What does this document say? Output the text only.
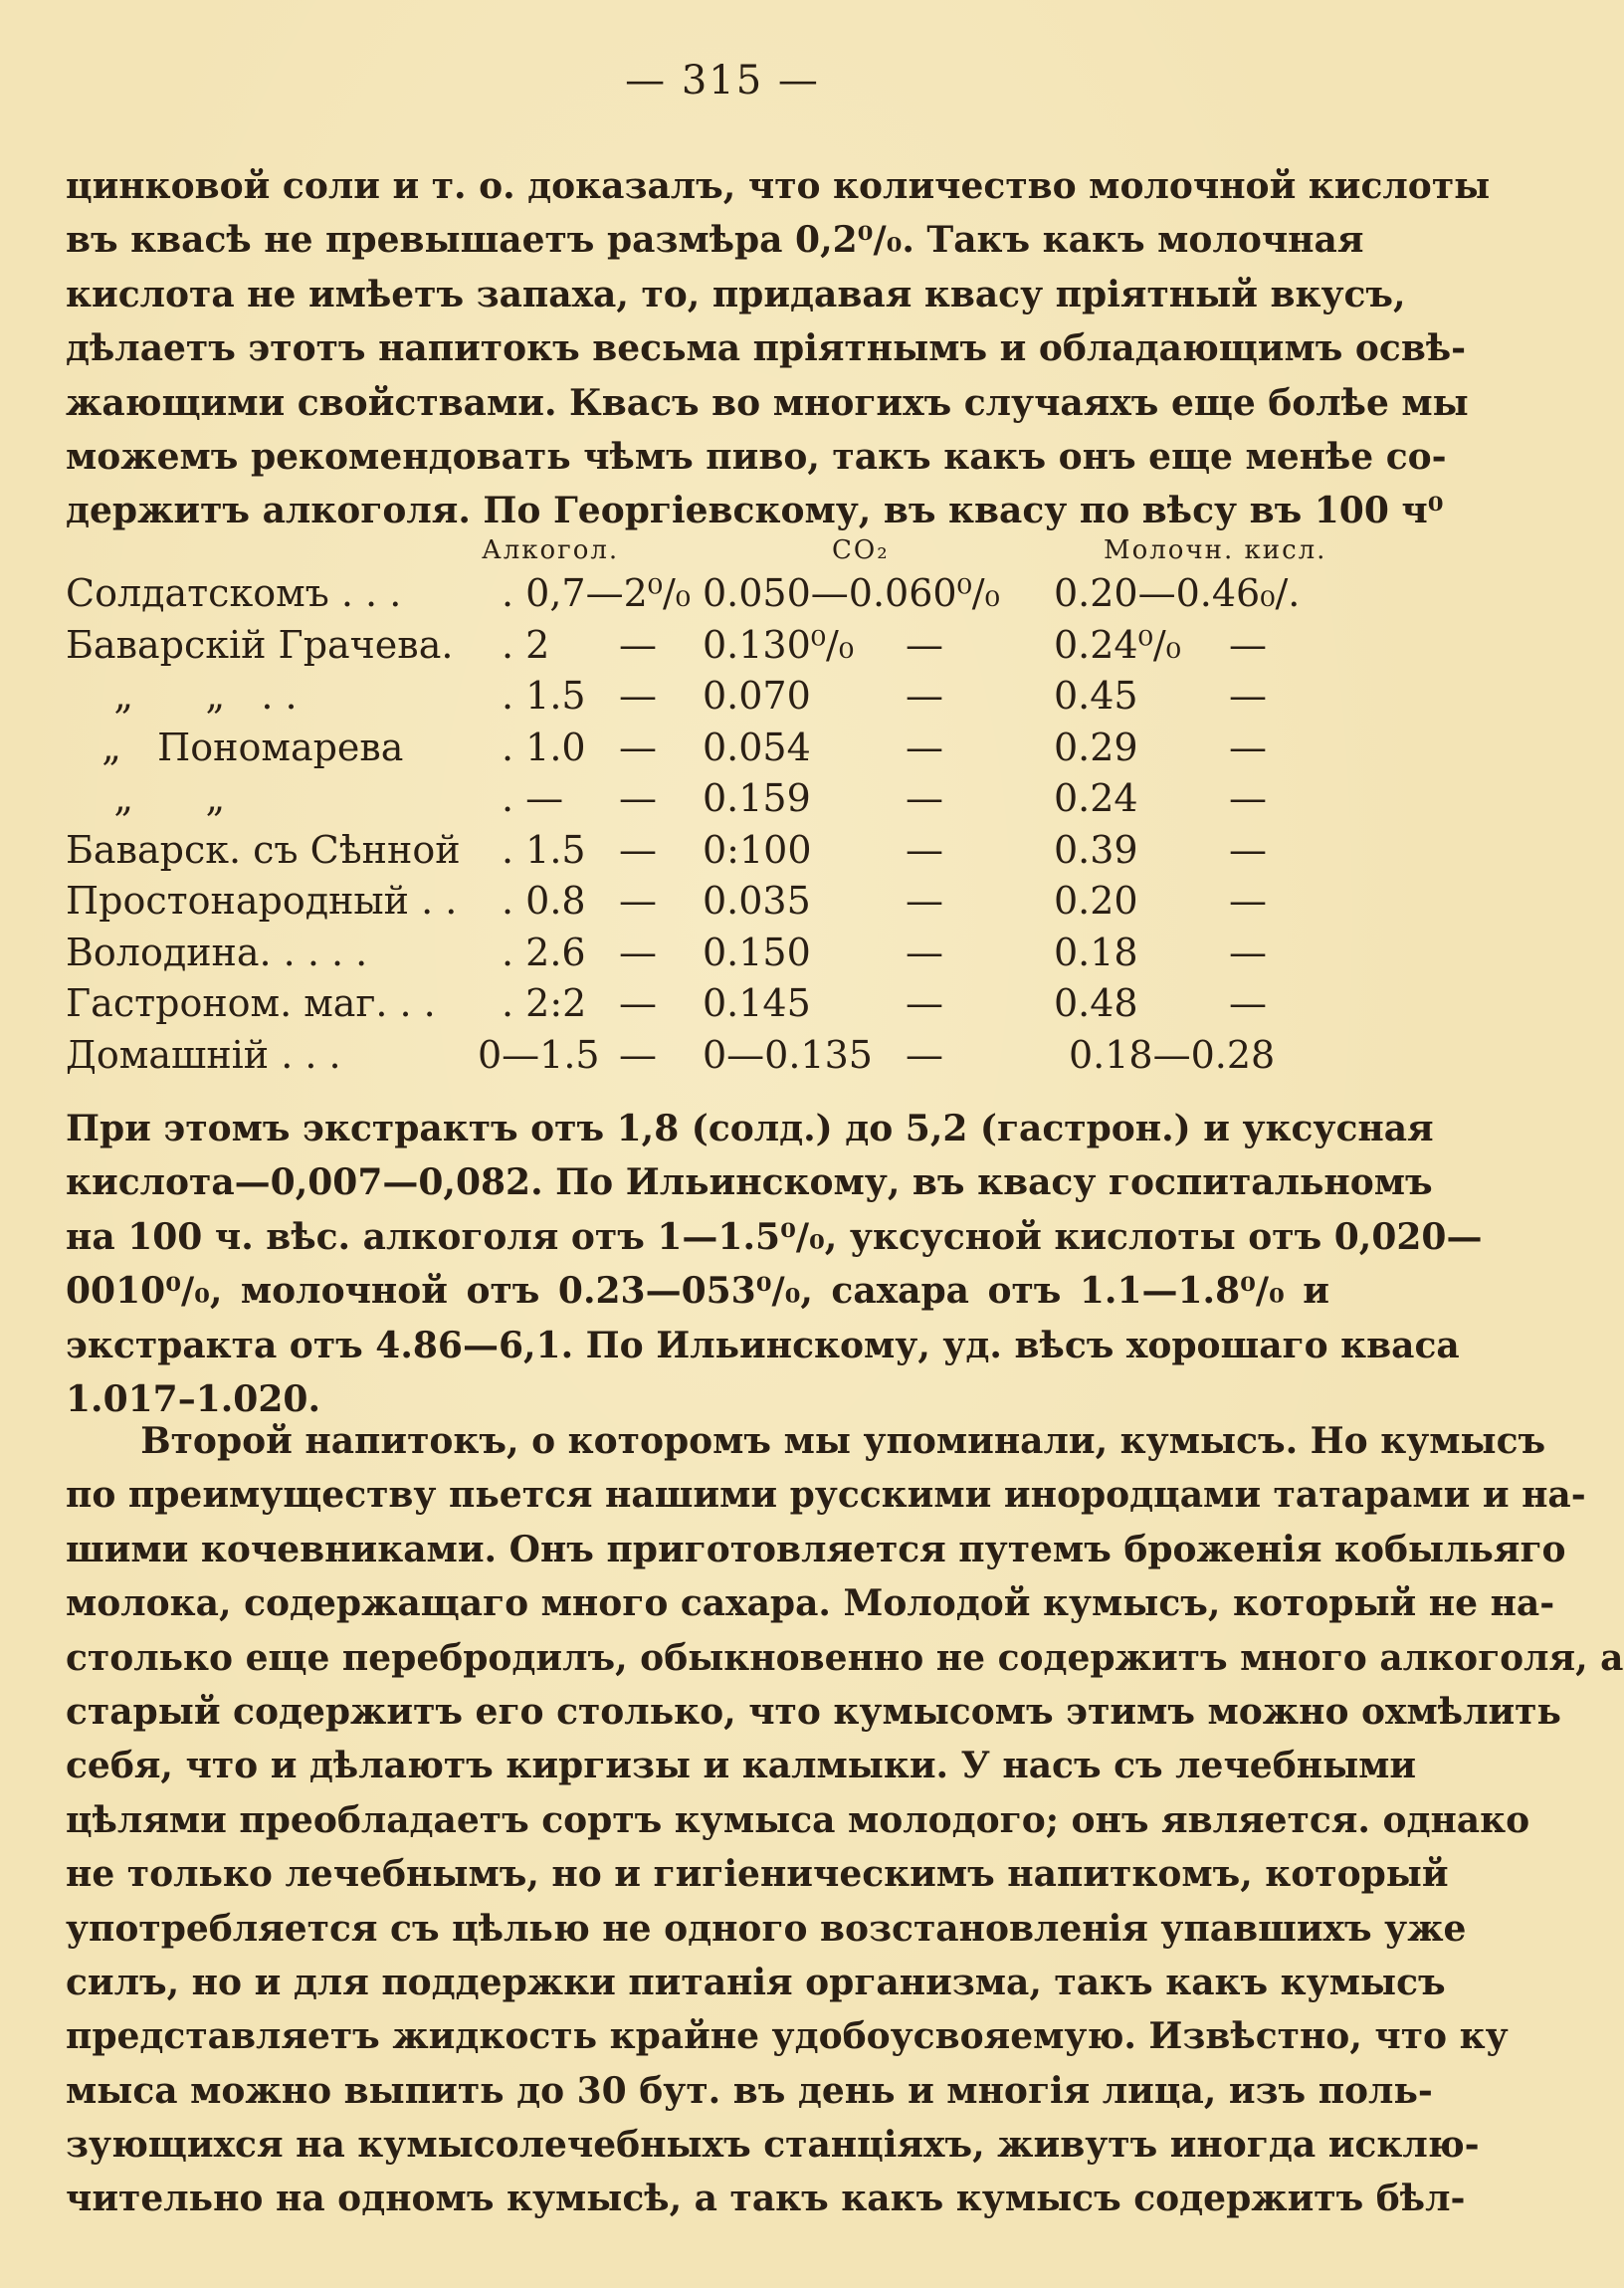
— 315 —
цинковой соли и т. о. доказалъ, что количество молочной кислоты
въ квасѣ не превышаетъ размѣра 0,2⁰/₀. Такъ какъ молочная
кислота не имѣетъ запаха, то, придавая квасу пріятный вкусъ,
дѣлаетъ этотъ напитокъ весьма пріятнымъ и обладающимъ освѣ-
жающими свойствами. Квасъ во многихъ случаяхъ еще болѣе мы
можемъ рекомендовать чѣмъ пиво, такъ какъ онъ еще менѣе со-
держитъ алкоголя. По Георгіевскому, въ квасу по вѣсу въ 100 ч⁰
Алкогол.	CO₂	Молочн. кисл.
Солдатскомъ . . .	. 0,7—2⁰/₀ 0.050—0.060⁰/₀ 0.20—0.46₀/.
Баварскій Грачева. . 2 — 0.130⁰/₀ —	0.24⁰/₀ —
„      „   . .	. 1.5 — 0.070	—	0.45 —
„   Пономарева	. 1.0 — 0.054	—	0.29 —
„      „	. — — 0.159	—	0.24 —
Баварск. съ Сѣнной . 1.5 — 0:100 —	0.39 —
Простонародный . . . 0.8 — 0.035	—	0.20 —
Володина. . . . .	. 2.6 — 0.150	—	0.18 —
Гастроном. маг. . . . 2:2 — 0.145	—	0.48 —
Домашній . . .	0—1.5 — 0—0.135 —	0.18—0.28
При этомъ экстрактъ отъ 1,8 (солд.) до 5,2 (гастрон.) и уксусная
кислота—0,007—0,082. По Ильинскому, въ квасу госпитальномъ
на 100 ч. вѣс. алкоголя отъ 1—1.5⁰/₀, уксусной кислоты отъ 0,020—
0010⁰/₀, молочной отъ 0.23—053⁰/₀, сахара отъ 1.1—1.8⁰/₀ и
экстракта отъ 4.86—6,1. По Ильинскому, уд. вѣсъ хорошаго кваса
1.017–1.020.
Второй напитокъ, о которомъ мы упоминали, кумысъ. Но кумысъ
по преимуществу пьется нашими русскими инородцами татарами и на-
шими кочевниками. Онъ приготовляется путемъ броженія кобыльяго
молока, содержащаго много сахара. Молодой кумысъ, который не на-
столько еще перебродилъ, обыкновенно не содержитъ много алкоголя, а
старый содержитъ его столько, что кумысомъ этимъ можно охмѣлить
себя, что и дѣлаютъ киргизы и калмыки. У насъ съ лечебными
цѣлями преобладаетъ сортъ кумыса молодого; онъ является. однако
не только лечебнымъ, но и гигіеническимъ напиткомъ, который
употребляется съ цѣлью не одного возстановленія упавшихъ уже
силъ, но и для поддержки питанія организма, такъ какъ кумысъ
представляетъ жидкость крайне удобоусвояемую. Извѣстно, что ку
мыса можно выпить до 30 бут. въ день и многія лица, изъ поль-
зующихся на кумысолечебныхъ станціяхъ, живутъ иногда исклю-
чительно на одномъ кумысѣ, а такъ какъ кумысъ содержитъ бѣл-
